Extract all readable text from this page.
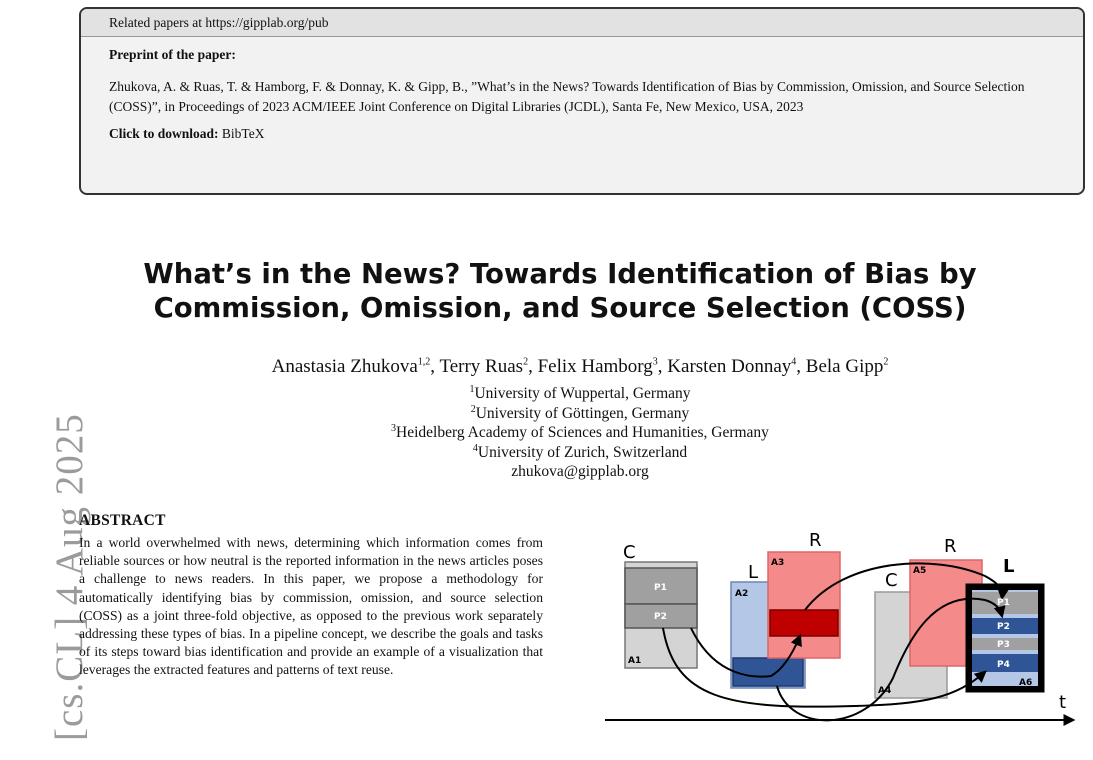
Related papers at https://gipplab.org/pub

Preprint of the paper:

Zhukova, A. & Ruas, T. & Hamborg, F. & Donnay, K. & Gipp, B., ”What’s in the News? Towards Identification of Bias by Commission, Omission, and Source Selection (COSS)”, in Proceedings of 2023 ACM/IEEE Joint Conference on Digital Libraries (JCDL), Santa Fe, New Mexico, USA, 2023

Click to download: BibTeX

[cs.CL] 4 Aug 2025
What’s in the News? Towards Identification of Bias by
Commission, Omission, and Source Selection (COSS)
Anastasia Zhukova$^{1,2}$, Terry Ruas$^2$, Felix Hamborg$^3$, Karsten Donnay$^4$, Bela Gipp$^2$
$^1$University of Wuppertal, Germany
$^2$University of Göttingen, Germany
$^3$Heidelberg Academy of Sciences and Humanities, Germany
$^4$University of Zurich, Switzerland
zhukova@gipplab.org
ABSTRACT

In a world overwhelmed with news, determining which information comes from reliable sources or how neutral is the reported information in the news articles poses a challenge to news readers. In this paper, we propose a methodology for automatically identifying bias by commission, omission, and source selection (COSS) as a joint three-fold objective, as opposed to the previous work separately addressing these types of bias. In a pipeline concept, we describe the goals and tasks of its steps toward bias identification and provide an example of a visualization that leverages the extracted features and patterns of text reuse.

C
R
L
R
C
L
A1
A2
A3
A4
A5
A6
P1
P2
P1
P2
P3
P4
t
